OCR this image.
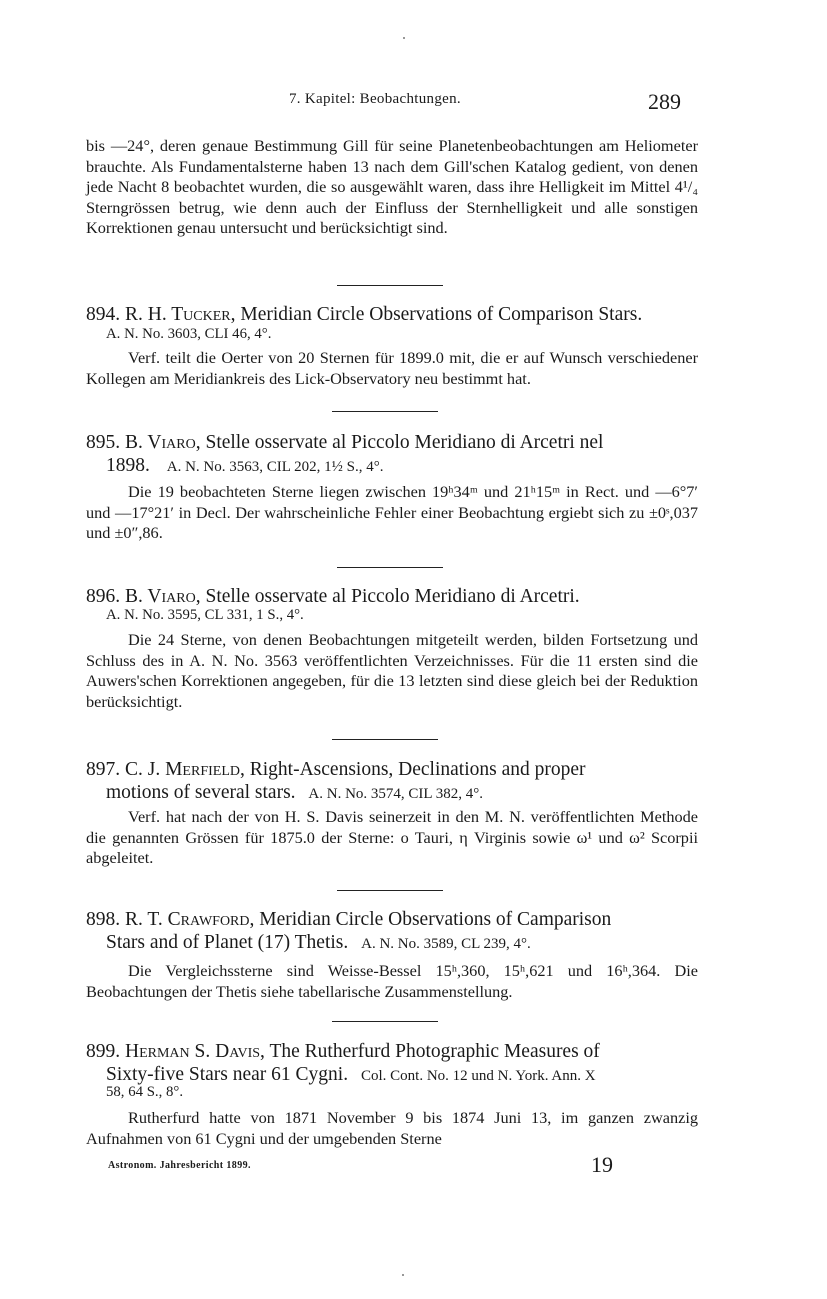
7. Kapitel: Beobachtungen.	289
bis —24°, deren genaue Bestimmung Gill für seine Planetenbeobachtungen am Heliometer brauchte. Als Fundamentalsterne haben 13 nach dem Gill'schen Katalog gedient, von denen jede Nacht 8 beobachtet wurden, die so ausgewählt waren, dass ihre Helligkeit im Mittel 4¹/₄ Sterngrössen betrug, wie denn auch der Einfluss der Sternhelligkeit und alle sonstigen Korrektionen genau untersucht und berücksichtigt sind.
894. R. H. Tucker, Meridian Circle Observations of Comparison Stars.
A. N. No. 3603, CLI 46, 4°.
Verf. teilt die Oerter von 20 Sternen für 1899.0 mit, die er auf Wunsch verschiedener Kollegen am Meridiankreis des Lick-Observatory neu bestimmt hat.
895. B. Viaro, Stelle osservate al Piccolo Meridiano di Arcetri nel
1898. A. N. No. 3563, CIL 202, 1½ S., 4°.
Die 19 beobachteten Sterne liegen zwischen 19ʰ34ᵐ und 21ʰ15ᵐ in Rect. und —6°7′ und —17°21′ in Decl. Der wahrscheinliche Fehler einer Beobachtung ergiebt sich zu ±0ˢ,037 und ±0″,86.
896. B. Viaro, Stelle osservate al Piccolo Meridiano di Arcetri.
A. N. No. 3595, CL 331, 1 S., 4°.
Die 24 Sterne, von denen Beobachtungen mitgeteilt werden, bilden Fortsetzung und Schluss des in A. N. No. 3563 veröffentlichten Verzeichnisses. Für die 11 ersten sind die Auwers'schen Korrektionen angegeben, für die 13 letzten sind diese gleich bei der Reduktion berücksichtigt.
897. C. J. Merfield, Right-Ascensions, Declinations and proper
motions of several stars. A. N. No. 3574, CIL 382, 4°.
Verf. hat nach der von H. S. Davis seinerzeit in den M. N. veröffentlichten Methode die genannten Grössen für 1875.0 der Sterne: o Tauri, η Virginis sowie ω¹ und ω² Scorpii abgeleitet.
898. R. T. Crawford, Meridian Circle Observations of Camparison
Stars and of Planet (17) Thetis. A. N. No. 3589, CL 239, 4°.
Die Vergleichssterne sind Weisse-Bessel 15ʰ,360, 15ʰ,621 und 16ʰ,364. Die Beobachtungen der Thetis siehe tabellarische Zusammenstellung.
899. Herman S. Davis, The Rutherfurd Photographic Measures of
Sixty-five Stars near 61 Cygni. Col. Cont. No. 12 und N. York. Ann. X
58, 64 S., 8°.
Rutherfurd hatte von 1871 November 9 bis 1874 Juni 13, im ganzen zwanzig Aufnahmen von 61 Cygni und der umgebenden Sterne
Astronom. Jahresbericht 1899.	19
